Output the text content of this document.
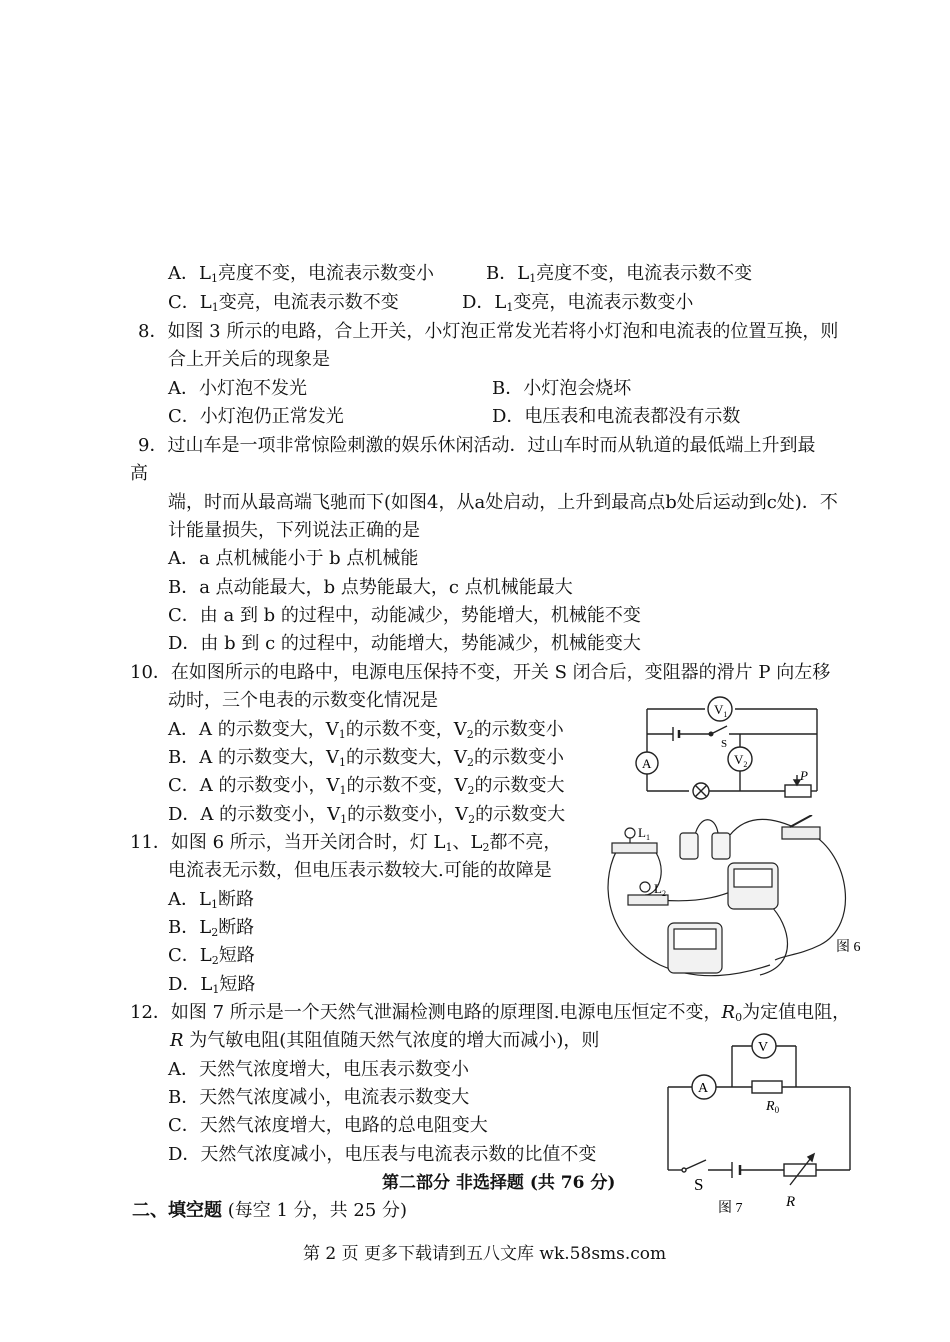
A．$L_1$亮度不变，电流表示数变小	B．$L_1$亮度不变，电流表示数不变
C．$L_1$变亮，电流表示数不变	D．$L_1$变亮，电流表示数变小
8．如图 3 所示的电路，合上开关，小灯泡正常发光若将小灯泡和电流表的位置互换，则
合上开关后的现象是
A．小灯泡不发光	B．小灯泡会烧坏
C．小灯泡仍正常发光	D．电压表和电流表都没有示数
9．过山车是一项非常惊险刺激的娱乐休闲活动．过山车时而从轨道的最低端上升到最
高
端，时而从最高端飞驰而下(如图4，从a处启动，上升到最高点b处后运动到c处)．不
计能量损失，下列说法正确的是
A．a 点机械能小于 b 点机械能
B．a 点动能最大，b 点势能最大，c 点机械能最大
C．由 a 到 b 的过程中，动能减少，势能增大，机械能不变
D．由 b 到 c 的过程中，动能增大，势能减少，机械能变大
10．在如图所示的电路中，电源电压保持不变，开关 S 闭合后，变阻器的滑片 P 向左移
动时，三个电表的示数变化情况是
A．A 的示数变大，$V_1$的示数不变，$V_2$的示数变小
B．A 的示数变大，$V_1$的示数变大，$V_2$的示数变小
C．A 的示数变小，$V_1$的示数不变，$V_2$的示数变大
D．A 的示数变小，$V_1$的示数变小，$V_2$的示数变大
$V_1$
$V_2$
A
S
P
11．如图 6 所示，当开关闭合时，灯 $L_1$、$L_2$都不亮，
电流表无示数，但电压表示数较大.可能的故障是
A．$L_1$断路
B．$L_2$断路
C．$L_2$短路
D．$L_1$短路
$L_1$
$L_2$
图 6
12．如图 7 所示是一个天然气泄漏检测电路的原理图.电源电压恒定不变，$R_0$为定值电阻，
R 为气敏电阻(其阻值随天然气浓度的增大而减小)，则
A．天然气浓度增大，电压表示数变小
B．天然气浓度减小，电流表示数变大
C．天然气浓度增大，电路的总电阻变大
D．天然气浓度减小，电压表与电流表示数的比值不变
V
A
$R_0$
S
R
图 7
第二部分 非选择题 (共 76 分)
二、填空题 (每空 1 分，共 25 分)
第 2 页 更多下载请到五八文库 wk.58sms.com
